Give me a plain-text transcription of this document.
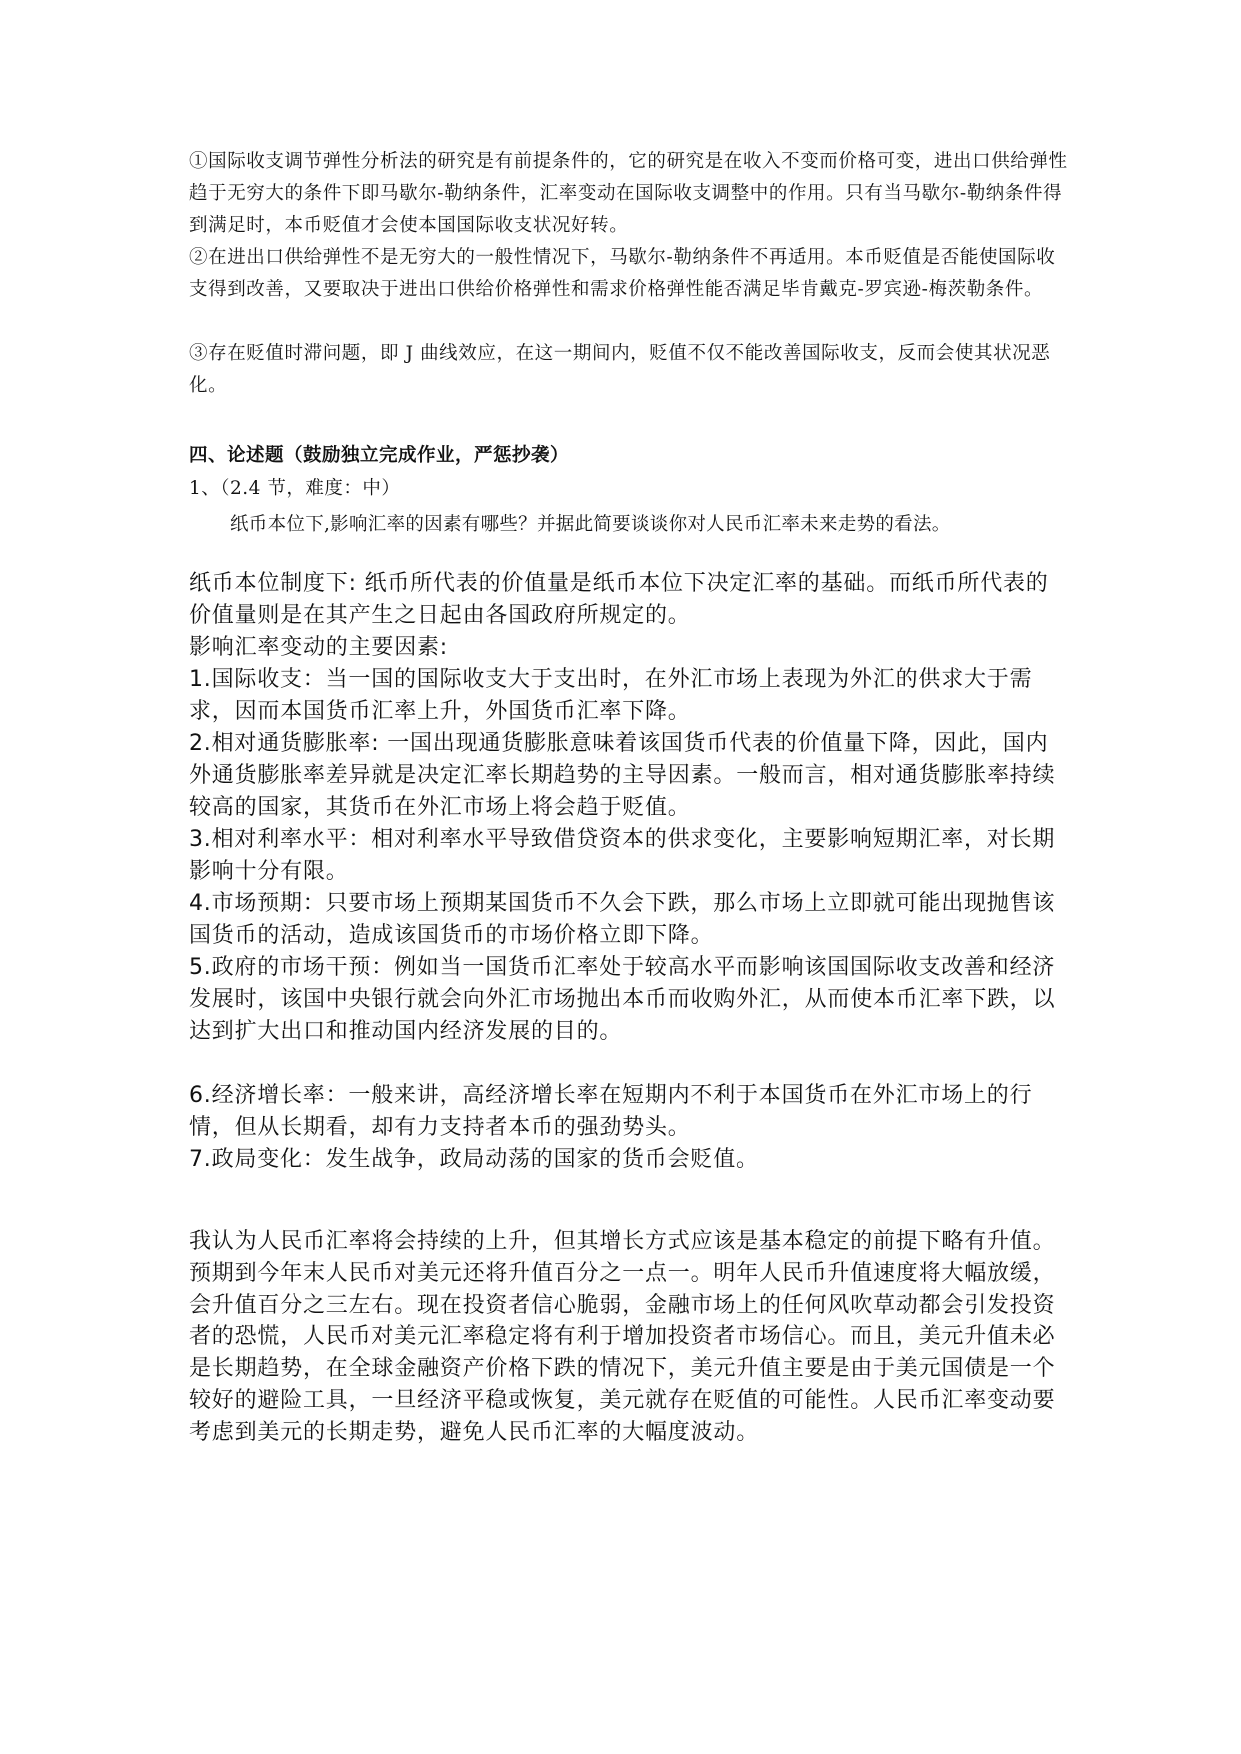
①国际收支调节弹性分析法的研究是有前提条件的，它的研究是在收入不变而价格可变，进出口供给弹性趋于无穷大的条件下即马歇尔-勒纳条件，汇率变动在国际收支调整中的作用。只有当马歇尔-勒纳条件得到满足时，本币贬值才会使本国国际收支状况好转。

②在进出口供给弹性不是无穷大的一般性情况下，马歇尔-勒纳条件不再适用。本币贬值是否能使国际收支得到改善，又要取决于进出口供给价格弹性和需求价格弹性能否满足毕肯戴克-罗宾逊-梅茨勒条件。

③存在贬值时滞问题，即 J 曲线效应，在这一期间内，贬值不仅不能改善国际收支，反而会使其状况恶化。

四、论述题（鼓励独立完成作业，严惩抄袭）

1、（2.4 节，难度：中）

纸币本位下,影响汇率的因素有哪些？并据此简要谈谈你对人民币汇率未来走势的看法。

纸币本位制度下: 纸币所代表的价值量是纸币本位下决定汇率的基础。而纸币所代表的价值量则是在其产生之日起由各国政府所规定的。

影响汇率变动的主要因素:

1.国际收支：当一国的国际收支大于支出时，在外汇市场上表现为外汇的供求大于需求，因而本国货币汇率上升，外国货币汇率下降。

2.相对通货膨胀率: 一国出现通货膨胀意味着该国货币代表的价值量下降，因此，国内外通货膨胀率差异就是决定汇率长期趋势的主导因素。一般而言，相对通货膨胀率持续较高的国家，其货币在外汇市场上将会趋于贬值。

3.相对利率水平：相对利率水平导致借贷资本的供求变化，主要影响短期汇率，对长期影响十分有限。

4.市场预期：只要市场上预期某国货币不久会下跌，那么市场上立即就可能出现抛售该国货币的活动，造成该国货币的市场价格立即下降。

5.政府的市场干预：例如当一国货币汇率处于较高水平而影响该国国际收支改善和经济发展时，该国中央银行就会向外汇市场抛出本币而收购外汇，从而使本币汇率下跌，以达到扩大出口和推动国内经济发展的目的。

6.经济增长率：一般来讲，高经济增长率在短期内不利于本国货币在外汇市场上的行情，但从长期看，却有力支持者本币的强劲势头。

7.政局变化：发生战争，政局动荡的国家的货币会贬值。

我认为人民币汇率将会持续的上升，但其增长方式应该是基本稳定的前提下略有升值。预期到今年末人民币对美元还将升值百分之一点一。明年人民币升值速度将大幅放缓，会升值百分之三左右。现在投资者信心脆弱，金融市场上的任何风吹草动都会引发投资者的恐慌，人民币对美元汇率稳定将有利于增加投资者市场信心。而且，美元升值未必是长期趋势，在全球金融资产价格下跌的情况下，美元升值主要是由于美元国债是一个较好的避险工具，一旦经济平稳或恢复，美元就存在贬值的可能性。人民币汇率变动要考虑到美元的长期走势，避免人民币汇率的大幅度波动。
